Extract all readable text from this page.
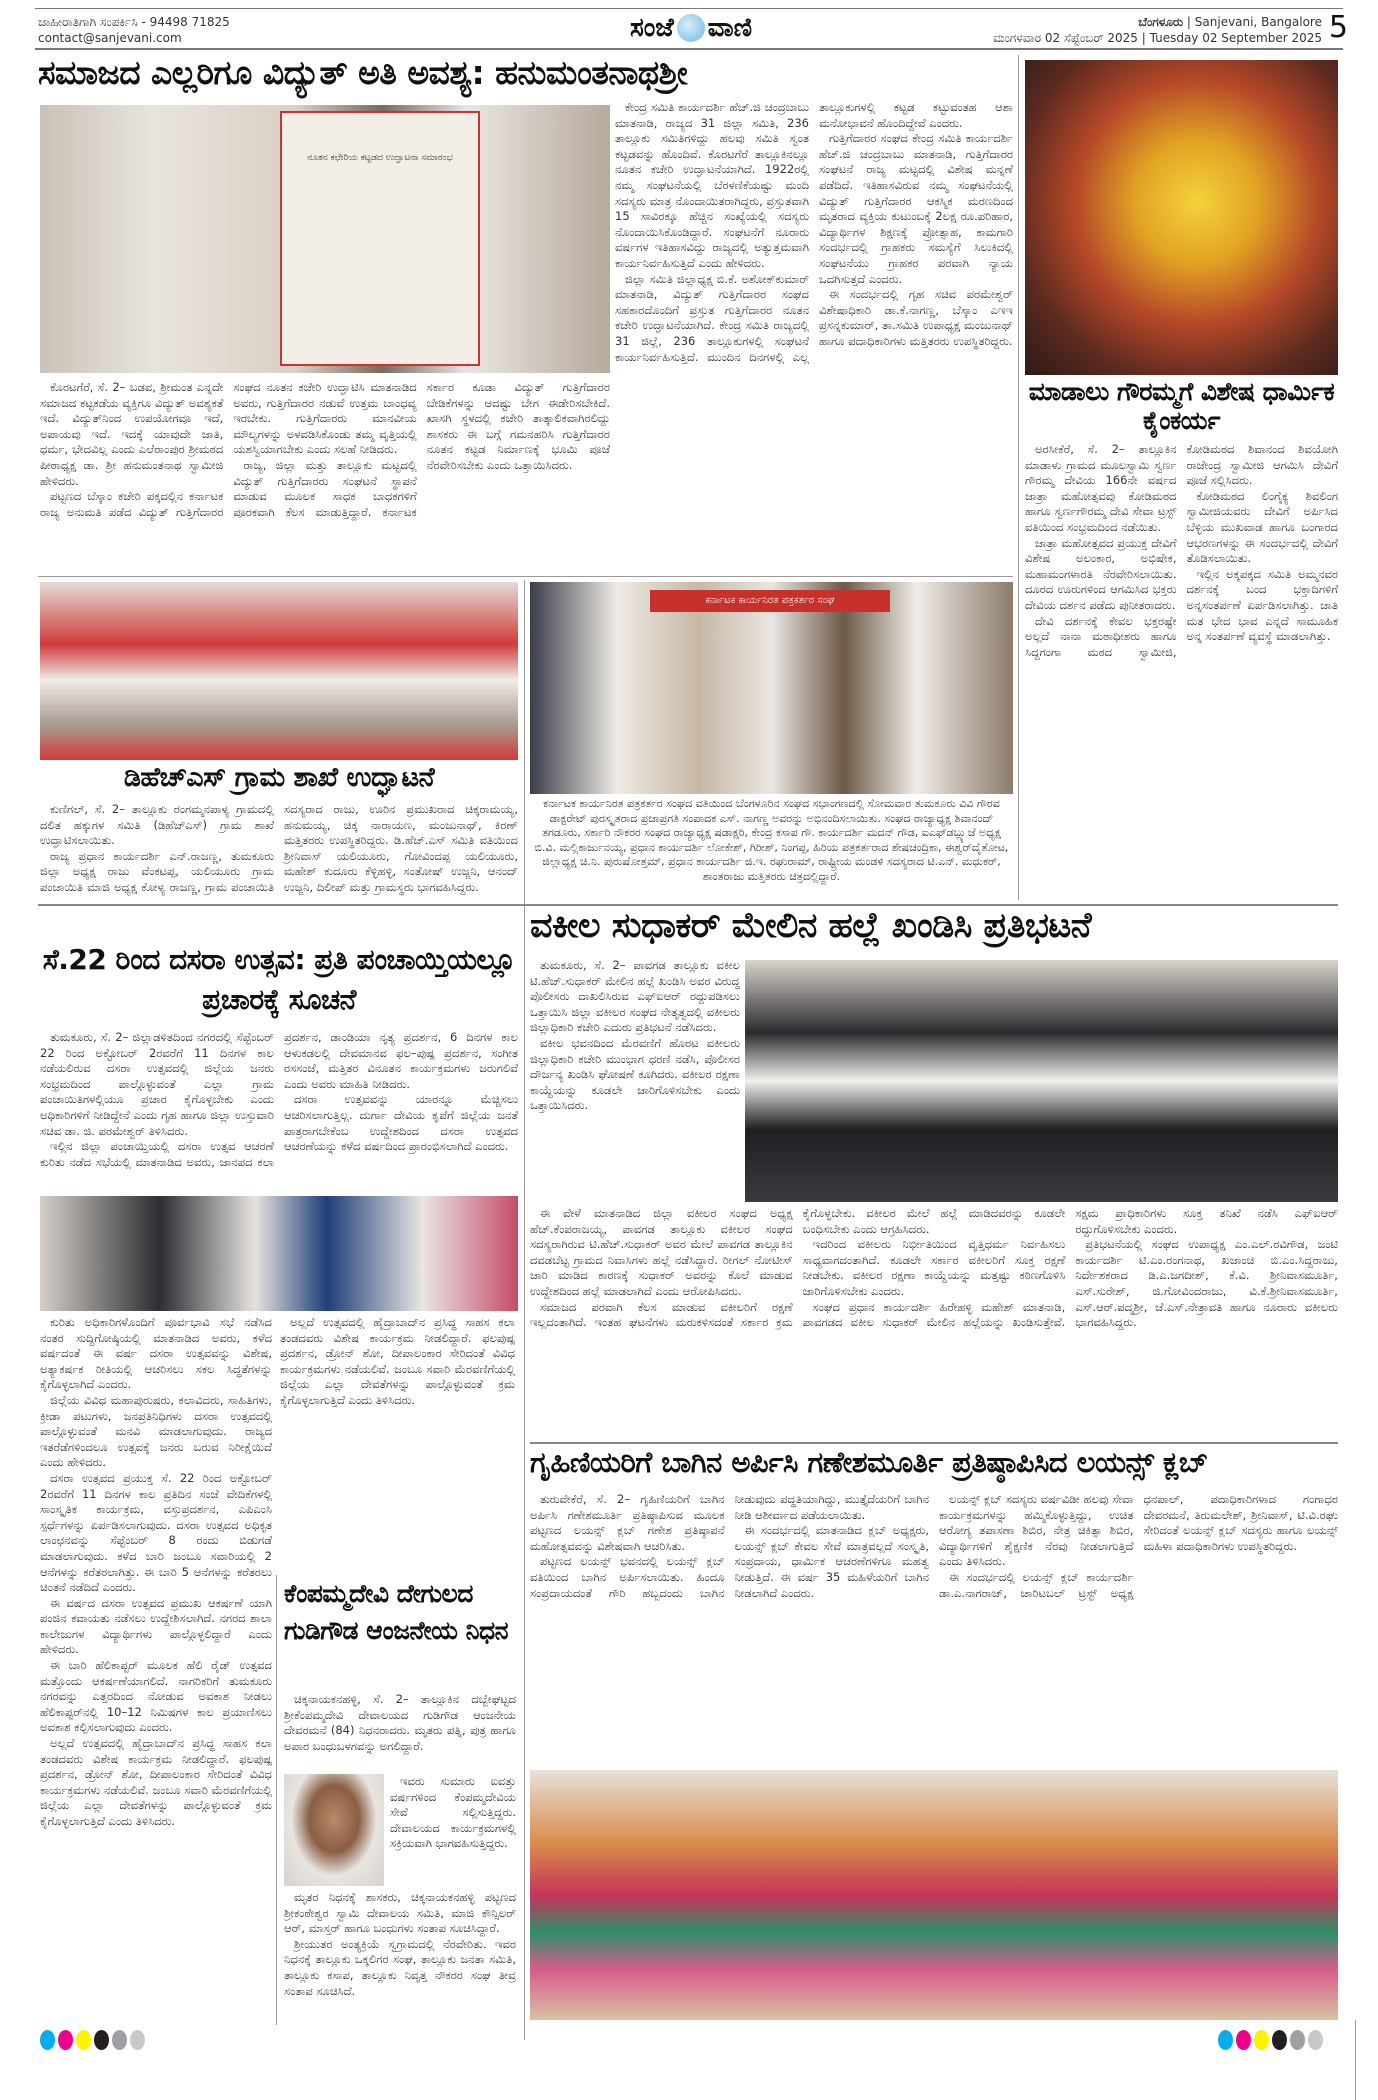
ಜಾಹೀರಾತಿಗಾಗಿ ಸಂಪರ್ಕಿಸಿ - 94498 71825
contact@sanjevani.com	ಸಂಜೆ ವಾಣಿ	ಬೆಂಗಳೂರು | Sanjevani, Bangalore
ಮಂಗಳವಾರ 02 ಸೆಪ್ಟೆಂಬರ್ 2025 | Tuesday 02 September 2025 5
ಸಮಾಜದ ಎಲ್ಲರಿಗೂ ವಿದ್ಯುತ್ ಅತಿ ಅವಶ್ಯ: ಹನುಮಂತನಾಥಶ್ರೀ
ನೂತನ ಕಛೇರಿಯ ಕಟ್ಟಡದ ಉದ್ಘಾಟನಾ ಸಮಾರಂಭ

ಕೊರಟಗೆರೆ, ಸೆ. 2– ಬಡವ, ಶ್ರೀಮಂತ ಎನ್ನದೇ ಸಮಾಜದ ಕಟ್ಟಕಡೆಯ ವ್ಯಕ್ತಿಗೂ ವಿದ್ಯುತ್ ಅವಶ್ಯಕತೆ ಇದೆ. ವಿದ್ಯುತ್‌ನಿಂದ ಉಪಯೋಗವೂ ಇದೆ, ಅಪಾಯವು ಇದೆ. ಇದಕ್ಕೆ ಯಾವುದೇ ಜಾತಿ, ಧರ್ಮ, ಭೇದವಿಲ್ಲ ಎಂದು ಎಲೆರಾಂಪುರ ಶ್ರೀಮಠದ ಪೀಠಾಧ್ಯಕ್ಷ ಡಾ. ಶ್ರೀ ಹನುಮಂತನಾಥ ಸ್ವಾಮೀಜಿ ಹೇಳಿದರು.

ಪಟ್ಟಣದ ಬೆಸ್ಕಾಂ ಕಚೇರಿ ಪಕ್ಕದಲ್ಲಿನ ಕರ್ನಾಟಕ ರಾಜ್ಯ ಅನುಮತಿ ಪಡೆದ ವಿದ್ಯುತ್ ಗುತ್ತಿಗೆದಾರರ ಸಂಘದ ನೂತನ ಕಚೇರಿ ಉದ್ಘಾಟಿಸಿ ಮಾತನಾಡಿದ ಅವರು, ಗುತ್ತಿಗೆದಾರರ ನಡುವೆ ಉತ್ತಮ ಬಾಂಧವ್ಯ ಇರಬೇಕು. ಗುತ್ತಿಗೆದಾರರು ಮಾನವೀಯ ಮೌಲ್ಯಗಳನ್ನು ಅಳವಡಿಸಿಕೊಂಡು ತಮ್ಮ ವೃತ್ತಿಯಲ್ಲಿ ಯಶಸ್ವಿಯಾಗಬೇಕು ಎಂದು ಸಲಹೆ ನೀಡಿದರು.

ರಾಜ್ಯ, ಜಿಲ್ಲಾ ಮತ್ತು ತಾಲ್ಲೂಕು ಮಟ್ಟದಲ್ಲಿ ವಿದ್ಯುತ್ ಗುತ್ತಿಗೆದಾರರು ಸಂಘಟನೆ ಸ್ಥಾಪನೆ ಮಾಡುವ ಮೂಲಕ ಸಾಧಕ ಬಾಧಕಗಳಿಗೆ ಪೂರಕವಾಗಿ ಕೆಲಸ ಮಾಡುತ್ತಿದ್ದಾರೆ. ಕರ್ನಾಟಕ ಸರ್ಕಾರ ಕೂಡಾ ವಿದ್ಯುತ್ ಗುತ್ತಿಗೆದಾರರ ಬೇಡಿಕೆಗಳನ್ನು ಆದಷ್ಟು ಬೇಗ ಈಡೇರಿಸಬೇಕಿದೆ. ಖಾಸಗಿ ಸ್ಥಳದಲ್ಲಿ ಕಚೇರಿ ತಾತ್ಕಾಲಿಕವಾಗಿರಲಿದ್ದು ಶಾಸಕರು ಈ ಬಗ್ಗೆ ಗಮನಹರಿಸಿ ಗುತ್ತಿಗೆದಾರರ ನೂತನ ಕಟ್ಟಡ ನಿರ್ಮಾಣಕ್ಕೆ ಭೂಮಿ ಪೂಜೆ ನೆರವೇರಿಸಬೇಕು ಎಂದು ಒತ್ತಾಯಿಸಿದರು.

ಕೇಂದ್ರ ಸಮಿತಿ ಕಾರ್ಯದರ್ಶಿ ಹೆಚ್.ಜಿ ಚಂದ್ರಬಾಬು ಮಾತನಾಡಿ, ರಾಜ್ಯದ 31 ಜಿಲ್ಲಾ ಸಮಿತಿ, 236 ತಾಲ್ಲೂಕು ಸಮಿತಿಗಳಿದ್ದು ಹಲವು ಸಮಿತಿ ಸ್ವಂತ ಕಟ್ಟಡವನ್ನು ಹೊಂದಿವೆ. ಕೊರಟಗೆರೆ ತಾಲ್ಲೂಕಿನಲ್ಲೂ ನೂತನ ಕಚೇರಿ ಉದ್ಘಾಟನೆಯಾಗಿದೆ. 1922ರಲ್ಲಿ ನಮ್ಮ ಸಂಘಟನೆಯಲ್ಲಿ ಬೆರಳಣಿಕೆಯಷ್ಟು ಮಂದಿ ಸದಸ್ಯರು ಮಾತ್ರ ನೊಂದಾಯಿತರಾಗಿದ್ದರು, ಪ್ರಸ್ತುತವಾಗಿ 15 ಸಾವಿರಕ್ಕೂ ಹೆಚ್ಚಿನ ಸಂಖ್ಯೆಯಲ್ಲಿ ಸದಸ್ಯರು ನೊಂದಾಯಿಸಿಕೊಂಡಿದ್ದಾರೆ. ಸಂಘಟನೆಗೆ ನೂರಾರು ವರ್ಷಗಳ ಇತಿಹಾಸವಿದ್ದು ರಾಜ್ಯದಲ್ಲಿ ಅತ್ಯುತ್ತಮವಾಗಿ ಕಾರ್ಯನಿರ್ವಹಿಸುತ್ತಿದೆ ಎಂದು ಹೇಳಿದರು.

ಜಿಲ್ಲಾ ಸಮಿತಿ ಜಿಲ್ಲಾಧ್ಯಕ್ಷ ಬಿ.ಕೆ. ಅಶೋಕ್‌ಕುಮಾರ್ ಮಾತನಾಡಿ, ವಿದ್ಯುತ್ ಗುತ್ತಿಗೆದಾರರ ಸಂಘದ ಸಹಕಾರದೊಂದಿಗೆ ಪ್ರಸ್ತುತ ಗುತ್ತಿಗೆದಾರರ ನೂತನ ಕಚೇರಿ ಉದ್ಘಾಟನೆಯಾಗಿದೆ. ಕೇಂದ್ರ ಸಮಿತಿ ರಾಜ್ಯದಲ್ಲಿ 31 ಜಿಲ್ಲೆ, 236 ತಾಲ್ಲೂಕುಗಳಲ್ಲಿ ಸಂಘಟನೆ ಕಾರ್ಯನಿರ್ವಹಿಸುತ್ತಿದೆ. ಮುಂದಿನ ದಿನಗಳಲ್ಲಿ ಎಲ್ಲ ತಾಲ್ಲೂಕುಗಳಲ್ಲಿ ಕಟ್ಟಡ ಕಟ್ಟುವಂತಹ ಆಶಾ ಮನೋಭಾವನೆ ಹೊಂದಿದ್ದೇವೆ ಎಂದರು.

ಗುತ್ತಿಗೆದಾರರ ಸಂಘದ ಕೇಂದ್ರ ಸಮಿತಿ ಕಾರ್ಯದರ್ಶಿ ಹೆಚ್.ಜಿ ಚಂದ್ರಬಾಬು ಮಾತನಾಡಿ, ಗುತ್ತಿಗೆದಾರರ ಸಂಘಟನೆ ರಾಜ್ಯ ಮಟ್ಟದಲ್ಲಿ ವಿಶೇಷ ಮನ್ನಣೆ ಪಡೆದಿದೆ. ಇತಿಹಾಸವಿರುವ ನಮ್ಮ ಸಂಘಟನೆಯಲ್ಲಿ ವಿದ್ಯುತ್ ಗುತ್ತಿಗೆದಾರರ ಆಕಸ್ಮಿಕ ಮರಣದಿಂದ ಮೃತರಾದ ವ್ಯಕ್ತಿಯ ಕುಟುಂಬಕ್ಕೆ 2ಲಕ್ಷ ರೂ.ಪರಿಹಾರ, ವಿದ್ಯಾರ್ಥಿಗಳ ಶಿಕ್ಷಣಕ್ಕೆ ಪ್ರೋತ್ಸಾಹ, ಕಾಮಗಾರಿ ಸಂದರ್ಭದಲ್ಲಿ ಗ್ರಾಹಕರು ಸಮಸ್ಯೆಗೆ ಸಿಲುಕಿದಲ್ಲಿ ಸಂಘಟನೆಯು ಗ್ರಾಹಕರ ಪರವಾಗಿ ನ್ಯಾಯ ಒದಗಿಸುತ್ತದೆ ಎಂದರು.

ಈ ಸಂದರ್ಭದಲ್ಲಿ ಗೃಹ ಸಚಿವ ಪರಮೇಶ್ವರ್ ವಿಶೇಷಾಧಿಕಾರಿ ಡಾ.ಕೆ.ನಾಗಣ್ಣ, ಬೆಸ್ಕಾಂ ಎಇಇ ಪ್ರಸನ್ನಕುಮಾರ್, ತಾ.ಸಮಿತಿ ಉಪಾಧ್ಯಕ್ಷ ಮಂಜುನಾಥ್ ಹಾಗೂ ಪದಾಧಿಕಾರಿಗಳು ಮತ್ತಿತರರು ಉಪಸ್ಥಿತರಿದ್ದರು.

ಮಾಡಾಲು ಗೌರಮ್ಮಗೆ ವಿಶೇಷ ಧಾರ್ಮಿಕ ಕೈಂಕರ್ಯ

ಅರಸೀಕೆರೆ, ಸೆ. 2– ತಾಲ್ಲೂಕಿನ ಮಾಡಾಳು ಗ್ರಾಮದ ಮೂಲಸ್ವಾಮಿ ಸ್ವರ್ಣ ಗೌರಮ್ಮ ದೇವಿಯ 166ನೇ ವರ್ಷದ ಜಾತ್ರಾ ಮಹೋತ್ಸವವು ಕೋಡಿಮಠದ ಹಾಗೂ ಸ್ವರ್ಣಗೌರಮ್ಮ ದೇವಿ ಸೇವಾ ಟ್ರಸ್ಟ್ ವತಿಯಿಂದ ಸಂಭ್ರಮದಿಂದ ನಡೆಯಿತು.

ಜಾತ್ರಾ ಮಹೋತ್ಸವದ ಪ್ರಯುಕ್ತ ದೇವಿಗೆ ವಿಶೇಷ ಅಲಂಕಾರ, ಅಭಿಷೇಕ, ಮಹಾಮಂಗಳಾರತಿ ನೆರವೇರಿಸಲಾಯಿತು. ದೂರದ ಊರುಗಳಿಂದ ಆಗಮಿಸಿದ ಭಕ್ತರು ದೇವಿಯ ದರ್ಶನ ಪಡೆದು ಪುನೀತರಾದರು.

ದೇವಿ ದರ್ಶನಕ್ಕೆ ಕೇವಲ ಭಕ್ತರಷ್ಟೇ ಅಲ್ಲದೆ ನಾನಾ ಮಠಾಧೀಶರು ಹಾಗೂ ಸಿದ್ದಗಂಗಾ ಮಠದ ಸ್ವಾಮೀಜಿ, ಕೋಡಿಮಠದ ಶಿವಾನಂದ ಶಿವಯೋಗಿ ರಾಜೇಂದ್ರ ಸ್ವಾಮೀಜಿ ಆಗಮಿಸಿ ದೇವಿಗೆ ಪೂಜೆ ಸಲ್ಲಿಸಿದರು.

ಕೋಡಿಮಠದ ಲಿಂಗೈಕ್ಯ ಶಿವಲಿಂಗ ಸ್ವಾಮೀಜಿಯವರು ದೇವಿಗೆ ಅರ್ಪಿಸಿದ ಬೆಳ್ಳಿಯ ಮುಖವಾಡ ಹಾಗೂ ಬಂಗಾರದ ಆಭರಣಗಳನ್ನು ಈ ಸಂದರ್ಭದಲ್ಲಿ ದೇವಿಗೆ ತೊಡಿಸಲಾಯಿತು.

ಇಲ್ಲಿನ ಅಕ್ಕಪಕ್ಕದ ಸಮಿತಿ ಅಮ್ಮನವರ ದರ್ಶನಕ್ಕೆ ಬಂದ ಭಕ್ತಾದಿಗಳಿಗೆ ಅನ್ನಸಂತರ್ಪಣೆ ಏರ್ಪಡಿಸಲಾಗಿತ್ತು. ಜಾತಿ ಮತ ಭೇದ ಭಾವ ಎನ್ನದೆ ಸಾಮೂಹಿಕ ಅನ್ನ ಸಂತರ್ಪಣೆ ವ್ಯವಸ್ಥೆ ಮಾಡಲಾಗಿತ್ತು.

ಡಿಹೆಚ್‌ಎಸ್ ಗ್ರಾಮ ಶಾಖೆ ಉದ್ಘಾಟನೆ

ಕುಣಿಗಲ್, ಸೆ. 2– ತಾಲ್ಲೂಕು ರಂಗಮ್ಮನಪಾಳ್ಯ ಗ್ರಾಮದಲ್ಲಿ ದಲಿತ ಹಕ್ಕುಗಳ ಸಮಿತಿ (ಡಿಹೆಚ್‌ಎಸ್) ಗ್ರಾಮ ಶಾಖೆ ಉದ್ಘಾಟಿಸಲಾಯಿತು.

ರಾಜ್ಯ ಪ್ರಧಾನ ಕಾರ್ಯದರ್ಶಿ ಎನ್.ರಾಜಣ್ಣ, ತುಮಕೂರು ಜಿಲ್ಲಾ ಅಧ್ಯಕ್ಷ ರಾಜು ವೆಂಕಟಪ್ಪ, ಯಲಿಯೂರು ಗ್ರಾಮ ಪಂಚಾಯಿತಿ ಮಾಜಿ ಅಧ್ಯಕ್ಷ ಕೋಳ್ಯ ರಾಜಣ್ಣ, ಗ್ರಾಮ ಪಂಚಾಯಿತಿ ಸದಸ್ಯರಾದ ರಾಜು, ಊರಿನ ಪ್ರಮುಖರಾದ ಚಿಕ್ಕರಾಮಯ್ಯ, ಹನುಮಯ್ಯ, ಚಿಕ್ಕ ನಾರಾಯಣ, ಮಂಜುನಾಥ್, ಕಿರಣ್ ಮತ್ತಿತರರು ಉಪಸ್ಥಿತರಿದ್ದರು. ಡಿ.ಹೆಚ್.ಎಸ್ ಸಮಿತಿ ವತಿಯಿಂದ ಶ್ರೀನಿವಾಸ್ ಯಲಿಯೂರು, ಗೋವಿಂದಪ್ಪ ಯಲಿಯೂರು, ಮಹೇಶ್ ಕುದೂರು ಕೆಳ್ಳಿಹಳ್ಳಿ, ಸಂತೋಷ್ ಉಜ್ಜನಿ, ಆನಂದ್ ಉಜ್ಜನಿ, ದಿಲೀಪ್ ಮತ್ತು ಗ್ರಾಮಸ್ಥರು ಭಾಗವಹಿಸಿದ್ದರು.

ಕರ್ನಾಟಕ ಕಾರ್ಯನಿರತ ಪತ್ರಕರ್ತರ ಸಂಘ
ಕರ್ನಾಟಕ ಕಾರ್ಯನಿರತ ಪತ್ರಕರ್ತರ ಸಂಘದ ವತಿಯಿಂದ ಬೆಂಗಳೂರಿನ ಸಂಘದ ಸಭಾಂಗಣದಲ್ಲಿ ಸೋಮವಾರ ತುಮಕೂರು ವಿವಿ ಗೌರವ ಡಾಕ್ಟರೇಟ್ ಪುರಸ್ಕೃತರಾದ ಪ್ರಜಾಪ್ರಗತಿ ಸಂಪಾದಕ ಎಸ್. ನಾಗಣ್ಣ ಅವರನ್ನು ಅಭಿನಂದಿಸಲಾಯಿತು. ಸಂಘದ ರಾಜ್ಯಾಧ್ಯಕ್ಷ ಶಿವಾನಂದ್ ತಗಡೂರು, ಸರ್ಕಾರಿ ನೌಕರರ ಸಂಘದ ರಾಜ್ಯಾಧ್ಯಕ್ಷ ಷಡಾಕ್ಷರಿ, ಕೇಂದ್ರ ಕಸಾಪ ಗೌ. ಕಾರ್ಯದರ್ಶಿ ಮದನ್ ಗೌಡ, ಐಎಫ್‌ಡಬ್ಲ್ಯುಜೆ ಅಧ್ಯಕ್ಷ ಬಿ.ವಿ. ಮಲ್ಲಿಕಾರ್ಜುನಯ್ಯ, ಪ್ರಧಾನ ಕಾರ್ಯದರ್ಶಿ ಲೋಕೇಶ್, ಗಿರೀಶ್, ನಿಂಗಪ್ಪ, ಹಿರಿಯ ಪತ್ರಕರ್ತರಾದ ಶೇಷಚಂದ್ರಿಕಾ, ಈಶ್ವರ್‌ದೈತೋಟ, ಜಿಲ್ಲಾಧ್ಯಕ್ಷ ಚಿ.ನಿ. ಪುರುಷೋತ್ತಮ್, ಪ್ರಧಾನ ಕಾರ್ಯದರ್ಶಿ ಜಿ.ಇ. ರಘುರಾಮ್, ರಾಷ್ಟ್ರೀಯ ಮಂಡಳಿ ಸದಸ್ಯರಾದ ಟಿ.ಎನ್. ಮಧುಕರ್, ಶಾಂತರಾಜು ಮತ್ತಿತರರು ಚಿತ್ರದಲ್ಲಿದ್ದಾರೆ.
ವಕೀಲ ಸುಧಾಕರ್ ಮೇಲಿನ ಹಲ್ಲೆ ಖಂಡಿಸಿ ಪ್ರತಿಭಟನೆ

ತುಮಕೂರು, ಸೆ. 2– ಪಾವಗಡ ತಾಲ್ಲೂಕು ವಕೀಲ ಟಿ.ಹೆಚ್.ಸುಧಾಕರ್ ಮೇಲಿನ ಹಲ್ಲೆ ಖಂಡಿಸಿ ಅವರ ವಿರುದ್ಧ ಪೊಲೀಸರು ದಾಖಲಿಸಿರುವ ಎಫ್‌ಐಆರ್ ರದ್ದುಪಡಿಸಲು ಒತ್ತಾಯಿಸಿ ಜಿಲ್ಲಾ ವಕೀಲರ ಸಂಘದ ನೇತೃತ್ವದಲ್ಲಿ ವಕೀಲರು ಜಿಲ್ಲಾಧಿಕಾರಿ ಕಚೇರಿ ಎದುರು ಪ್ರತಿಭಟನೆ ನಡೆಸಿದರು.

ವಕೀಲ ಭವನದಿಂದ ಮೆರವಣಿಗೆ ಹೊರಟ ವಕೀಲರು ಜಿಲ್ಲಾಧಿಕಾರಿ ಕಚೇರಿ ಮುಂಭಾಗ ಧರಣಿ ನಡೆಸಿ, ಪೊಲೀಸರ ದೌರ್ಜನ್ಯ ಖಂಡಿಸಿ ಘೋಷಣೆ ಕೂಗಿದರು. ವಕೀಲರ ರಕ್ಷಣಾ ಕಾಯ್ದೆಯನ್ನು ಕೂಡಲೇ ಜಾರಿಗೊಳಿಸಬೇಕು ಎಂದು ಒತ್ತಾಯಿಸಿದರು.

ಈ ವೇಳೆ ಮಾತನಾಡಿದ ಜಿಲ್ಲಾ ವಕೀಲರ ಸಂಘದ ಅಧ್ಯಕ್ಷ ಹೆಚ್.ಕೆಂಪರಾಜಯ್ಯ, ಪಾವಗಡ ತಾಲ್ಲೂಕು ವಕೀಲರ ಸಂಘದ ಸದಸ್ಯರಾಗಿರುವ ಟಿ.ಹೆಚ್.ಸುಧಾಕರ್ ಅವರ ಮೇಲೆ ಪಾವಗಡ ತಾಲ್ಲೂಕಿನ ದವಡಬೆಟ್ಟ ಗ್ರಾಮದ ನಿವಾಸಿಗಳು ಹಲ್ಲೆ ನಡೆಸಿದ್ದಾರೆ. ರೀಗಲ್ ನೋಟೀಸ್ ಜಾರಿ ಮಾಡಿದ ಕಾರಣಕ್ಕೆ ಸುಧಾಕರ್ ಅವರನ್ನು ಕೊಲೆ ಮಾಡುವ ಉದ್ದೇಶದಿಂದ ಹಲ್ಲೆ ಮಾಡಲಾಗಿದೆ ಎಂದು ಆರೋಪಿಸಿದರು.

ಸಮಾಜದ ಪರವಾಗಿ ಕೆಲಸ ಮಾಡುವ ವಕೀಲರಿಗೆ ರಕ್ಷಣೆ ಇಲ್ಲದಂತಾಗಿದೆ. ಇಂತಹ ಘಟನೆಗಳು ಮರುಕಳಿಸದಂತೆ ಸರ್ಕಾರ ಕ್ರಮ ಕೈಗೊಳ್ಳಬೇಕು. ವಕೀಲರ ಮೇಲೆ ಹಲ್ಲೆ ಮಾಡಿದವರನ್ನು ಕೂಡಲೇ ಬಂಧಿಸಬೇಕು ಎಂದು ಆಗ್ರಹಿಸಿದರು.

ಇದರಿಂದ ವಕೀಲರು ನಿರ್ಭೀತಿಯಿಂದ ವೃತ್ತಿಧರ್ಮ ನಿರ್ವಹಿಸಲು ಸಾಧ್ಯವಾಗದಂತಾಗಿದೆ. ಕೂಡಲೇ ಸರ್ಕಾರ ವಕೀಲರಿಗೆ ಸೂಕ್ತ ರಕ್ಷಣೆ ನೀಡಬೇಕು. ವಕೀಲರ ರಕ್ಷಣಾ ಕಾಯ್ದೆಯನ್ನು ಮತ್ತಷ್ಟು ಕಠಿಣಗೊಳಿಸಿ ಜಾರಿಗೊಳಿಸಬೇಕು ಎಂದರು.

ಸಂಘದ ಪ್ರಧಾನ ಕಾರ್ಯದರ್ಶಿ ಹಿರೇಹಳ್ಳಿ ಮಹೇಶ್ ಮಾತನಾಡಿ, ಪಾವಗಡದ ವಕೀಲ ಸುಧಾಕರ್ ಮೇಲಿನ ಹಲ್ಲೆಯನ್ನು ಖಂಡಿಸುತ್ತೇವೆ. ಸಕ್ಷಮ ಪ್ರಾಧಿಕಾರಿಗಳು ಸೂಕ್ತ ತನಿಖೆ ನಡೆಸಿ ಎಫ್‌ಐಆರ್ ರದ್ದುಗೊಳಿಸಬೇಕು ಎಂದರು.

ಪ್ರತಿಭಟನೆಯಲ್ಲಿ ಸಂಘದ ಉಪಾಧ್ಯಕ್ಷ ಎಂ.ಎಲ್.ರವಿಗೌಡ, ಜಂಟಿ ಕಾರ್ಯದರ್ಶಿ ಟಿ.ಎಂ.ರಂಗನಾಥ, ಖಜಾಂಚಿ ಬಿ.ಎಂ.ಸಿದ್ದರಾಜು, ನಿರ್ದೇಶಕರಾದ ಡಿ.ಎ.ಜಗದೀಶ್, ಕೆ.ವಿ. ಶ್ರೀನಿವಾಸಮೂರ್ತಿ, ಎಸ್.ಸುರೇಶ್, ಜಿ.ಗೋವಿಂದರಾಜು, ವಿ.ಕೆ.ಶ್ರೀನಿವಾಸಮೂರ್ತಿ, ಎಸ್.ಆರ್.ಪದ್ಮಶ್ರೀ, ಜೆ.ಎಸ್.ನೇತ್ರಾವತಿ ಹಾಗೂ ನೂರಾರು ವಕೀಲರು ಭಾಗವಹಿಸಿದ್ದರು.

ಸೆ.22 ರಿಂದ ದಸರಾ ಉತ್ಸವ: ಪ್ರತಿ ಪಂಚಾಯ್ತಿಯಲ್ಲೂ ಪ್ರಚಾರಕ್ಕೆ ಸೂಚನೆ

ತುಮಕೂರು, ಸೆ. 2– ಜಿಲ್ಲಾಡಳಿತದಿಂದ ನಗರದಲ್ಲಿ ಸೆಪ್ಟೆಂಬರ್ 22 ರಿಂದ ಅಕ್ಟೋಬರ್ 2ರವರೆಗೆ 11 ದಿನಗಳ ಕಾಲ ನಡೆಯಲಿರುವ ದಸರಾ ಉತ್ಸವದಲ್ಲಿ ಜಿಲ್ಲೆಯ ಜನರು ಸಂಭ್ರಮದಿಂದ ಪಾಲ್ಗೊಳ್ಳುವಂತೆ ಎಲ್ಲಾ ಗ್ರಾಮ ಪಂಚಾಯಿತಿಗಳಲ್ಲಿಯೂ ಪ್ರಚಾರ ಕೈಗೊಳ್ಳಬೇಕು ಎಂದು ಅಧಿಕಾರಿಗಳಿಗೆ ನೀಡಿದ್ದೇನೆ ಎಂದು ಗೃಹ ಹಾಗೂ ಜಿಲ್ಲಾ ಉಸ್ತುವಾರಿ ಸಚಿವ ಡಾ. ಜಿ. ಪರಮೇಶ್ವರ್ ತಿಳಿಸಿದರು.

ಇಲ್ಲಿನ ಜಿಲ್ಲಾ ಪಂಚಾಯ್ತಿಯಲ್ಲಿ ದಸರಾ ಉತ್ಸವ ಆಚರಣೆ ಕುರಿತು ನಡೆದ ಸಭೆಯಲ್ಲಿ ಮಾತನಾಡಿದ ಅವರು, ಜಾನಪದ ಕಲಾ ಪ್ರದರ್ಶನ, ಡಾಂಡಿಯಾ ನೃತ್ಯ ಪ್ರದರ್ಶನ, 6 ದಿನಗಳ ಕಾಲ ಆಳುಕಡಲಲ್ಲಿ ದೇವಮಾನವ ಫಲ–ಪುಷ್ಪ ಪ್ರದರ್ಶನ, ಸಂಗೀತ ರಸಸಂಜೆ, ಮತ್ತಿತರ ವಿನೂತನ ಕಾರ್ಯಕ್ರಮಗಳು ಜರುಗಲಿವೆ ಎಂದು ಅವರು ಮಾಹಿತಿ ನೀಡಿದರು.

ದಸರಾ ಉತ್ಸವವನ್ನು ಯಾರನ್ನೂ ಮೆಚ್ಚಿಸಲು ಆಚರಿಸಲಾಗುತ್ತಿಲ್ಲ. ದುರ್ಗಾ ದೇವಿಯ ಕೃಪೆಗೆ ಜಿಲ್ಲೆಯ ಜನತೆ ಪಾತ್ರರಾಗಬೇಕೆಂಬ ಉದ್ದೇಶದಿಂದ ದಸರಾ ಉತ್ಸವದ ಆಚರಣೆಯನ್ನು ಕಳೆದ ವರ್ಷದಿಂದ ಪ್ರಾರಂಭಿಸಲಾಗಿದೆ ಎಂದರು.

ಕುರಿತು ಅಧಿಕಾರಿಗಳೊಂದಿಗೆ ಪೂರ್ವಭಾವಿ ಸಭೆ ನಡೆಸಿದ ನಂತರ ಸುದ್ದಿಗೋಷ್ಠಿಯಲ್ಲಿ ಮಾತನಾಡಿದ ಅವರು, ಕಳೆದ ವರ್ಷದಂತೆ ಈ ವರ್ಷ ದಸರಾ ಉತ್ಸವವನ್ನು ವಿಶೇಷ, ಅತ್ಯಾಕರ್ಷಕ ರೀತಿಯಲ್ಲಿ ಆಚರಿಸಲು ಸಕಲ ಸಿದ್ಧತೆಗಳನ್ನು ಕೈಗೊಳ್ಳಲಾಗಿದೆ ಎಂದರು.

ಜಿಲ್ಲೆಯ ವಿವಿಧ ಮಹಾಪುರುಷರು, ಕಲಾವಿದರು, ಸಾಹಿತಿಗಳು, ಕ್ರೀಡಾ ಪಟುಗಳು, ಜನಪ್ರತಿನಿಧಿಗಳು ದಸರಾ ಉತ್ಸವದಲ್ಲಿ ಪಾಲ್ಗೊಳ್ಳುವಂತೆ ಮನವಿ ಮಾಡಲಾಗುವುದು. ರಾಜ್ಯದ ಇತರೆಡೆಗಳಿಂದಲೂ ಉತ್ಸವಕ್ಕೆ ಜನರು ಬರುವ ನಿರೀಕ್ಷೆಯಿದೆ ಎಂದು ಹೇಳಿದರು.

ದಸರಾ ಉತ್ಸವದ ಪ್ರಯುಕ್ತ ಸೆ. 22 ರಿಂದ ಅಕ್ಟೋಬರ್ 2ರವರೆಗೆ 11 ದಿನಗಳ ಕಾಲ ಪ್ರತಿದಿನ ಸಂಜೆ ವೇದಿಕೆಗಳಲ್ಲಿ ಸಾಂಸ್ಕೃತಿಕ ಕಾರ್ಯಕ್ರಮ, ವಸ್ತುಪ್ರದರ್ಶನ, ಎಪಿಎಂಸಿ ಸ್ಪರ್ಧೆಗಳನ್ನು ಏರ್ಪಡಿಸಲಾಗುವುದು. ದಸರಾ ಉತ್ಸವದ ಅಧಿಕೃತ ಲಾಂಛನವನ್ನು ಸೆಪ್ಟೆಂಬರ್ 8 ರಂದು ಬಿಡುಗಡೆ ಮಾಡಲಾಗುವುದು. ಕಳೆದ ಬಾರಿ ಜಂಬೂ ಸವಾರಿಯಲ್ಲಿ 2 ಆನೆಗಳನ್ನು ಕರೆತರಲಾಗಿತ್ತು. ಈ ಬಾರಿ 5 ಆನೆಗಳನ್ನು ಕರೆತರಲು ಚಿಂತನೆ ನಡೆದಿದೆ ಎಂದರು.

ಈ ವರ್ಷದ ದಸರಾ ಉತ್ಸವದ ಪ್ರಮುಖ ಆಕರ್ಷಣೆ ಯಾಗಿ ಪಂಜಿನ ಕವಾಯತು ನಡೆಸಲು ಉದ್ದೇಶಿಸಲಾಗಿದೆ. ನಗರದ ಶಾಲಾ ಕಾಲೇಜುಗಳ ವಿದ್ಯಾರ್ಥಿಗಳು ಪಾಲ್ಗೊಳ್ಳಲಿದ್ದಾರೆ ಎಂದು ಹೇಳಿದರು.

ಈ ಬಾರಿ ಹೆಲಿಕಾಪ್ಟರ್ ಮೂಲಕ ಹೆಲಿ ರೈಡ್ ಉತ್ಸವದ ಮತ್ತೊಂದು ಆಕರ್ಷಣೆಯಾಗಲಿದೆ. ನಾಗರಿಕರಿಗೆ ತುಮಕೂರು ನಗರವನ್ನು ಎತ್ತರದಿಂದ ನೋಡುವ ಅವಕಾಶ ನೀಡಲು ಹೆಲಿಕಾಪ್ಟರ್‌ನಲ್ಲಿ 10–12 ನಿಮಿಷಗಳ ಕಾಲ ಪ್ರಯಾಣಿಸಲು ಅವಕಾಶ ಕಲ್ಪಿಸಲಾಗುವುದು ಎಂದರು.

ಅಲ್ಲದೆ ಉತ್ಸವದಲ್ಲಿ ಹೈದ್ರಾಬಾದ್‌ನ ಪ್ರಸಿದ್ಧ ಸಾಹಸ ಕಲಾ ತಂಡದವರು ವಿಶೇಷ ಕಾರ್ಯಕ್ರಮ ನೀಡಲಿದ್ದಾರೆ. ಫಲಪುಷ್ಪ ಪ್ರದರ್ಶನ, ಡ್ರೋನ್ ಶೋ, ದೀಪಾಲಂಕಾರ ಸೇರಿದಂತೆ ವಿವಿಧ ಕಾರ್ಯಕ್ರಮಗಳು ನಡೆಯಲಿವೆ. ಜಂಬೂ ಸವಾರಿ ಮೆರವಣಿಗೆಯಲ್ಲಿ ಜಿಲ್ಲೆಯ ಎಲ್ಲಾ ದೇವತೆಗಳನ್ನು ಪಾಲ್ಗೊಳ್ಳುವಂತೆ ಕ್ರಮ ಕೈಗೊಳ್ಳಲಾಗುತ್ತಿದೆ ಎಂದು ತಿಳಿಸಿದರು.

ಅಲ್ಲದೆ ಉತ್ಸವದಲ್ಲಿ ಹೈದ್ರಾಬಾದ್‌ನ ಪ್ರಸಿದ್ಧ ಸಾಹಸ ಕಲಾ ತಂಡದವರು ವಿಶೇಷ ಕಾರ್ಯಕ್ರಮ ನೀಡಲಿದ್ದಾರೆ. ಫಲಪುಷ್ಪ ಪ್ರದರ್ಶನ, ಡ್ರೋನ್ ಶೋ, ದೀಪಾಲಂಕಾರ ಸೇರಿದಂತೆ ವಿವಿಧ ಕಾರ್ಯಕ್ರಮಗಳು ನಡೆಯಲಿವೆ. ಜಂಬೂ ಸವಾರಿ ಮೆರವಣಿಗೆಯಲ್ಲಿ ಜಿಲ್ಲೆಯ ಎಲ್ಲಾ ದೇವತೆಗಳನ್ನು ಪಾಲ್ಗೊಳ್ಳುವಂತೆ ಕ್ರಮ ಕೈಗೊಳ್ಳಲಾಗುತ್ತಿದೆ ಎಂದು ತಿಳಿಸಿದರು.

ಕೆಂಪಮ್ಮದೇವಿ ದೇಗುಲದ ಗುಡಿಗೌಡ ಆಂಜನೇಯ ನಿಧನ

ಚಿಕ್ಕನಾಯಕನಹಳ್ಳಿ, ಸೆ. 2– ತಾಲ್ಲೂಕಿನ ದಬ್ಬೇಘಟ್ಟದ ಶ್ರೀಕೆಂಪಮ್ಮದೇವಿ ದೇವಾಲಯದ ಗುಡಿಗೌಡ ಆಂಜನೇಯ ದೇವರಮನೆ (84) ನಿಧನರಾದರು. ಮೃತರು ಪತ್ನಿ, ಪುತ್ರ ಹಾಗೂ ಅಪಾರ ಬಂಧುಬಳಗವನ್ನು ಅಗಲಿದ್ದಾರೆ.

ಇವರು ಸುಮಾರು ಐವತ್ತು ವರ್ಷಗಳಿಂದ ಕೆಂಪಮ್ಮದೇವಿಯ ಸೇವೆ ಸಲ್ಲಿಸುತ್ತಿದ್ದರು. ದೇವಾಲಯದ ಕಾರ್ಯಕ್ರಮಗಳಲ್ಲಿ ಸಕ್ರಿಯವಾಗಿ ಭಾಗವಹಿಸುತ್ತಿದ್ದರು.

ಮೃತರ ನಿಧನಕ್ಕೆ ಶಾಸಕರು, ಚಿಕ್ಕನಾಯಕನಹಳ್ಳಿ ಪಟ್ಟಣದ ಶ್ರೀಕಂಠೇಶ್ವರ ಸ್ವಾಮಿ ದೇವಾಲಯ ಸಮಿತಿ, ಮಾಜಿ ಕೌನ್ಸಿಲರ್ ಆರ್, ಮಾಸ್ತರ್ ಹಾಗೂ ಬಂಧುಗಳು ಸಂತಾಪ ಸೂಚಿಸಿದ್ದಾರೆ.

ಶ್ರೀಯುತರ ಅಂತ್ಯಕ್ರಿಯೆ ಸ್ವಗ್ರಾಮದಲ್ಲಿ ನೆರವೇರಿತು. ಇವರ ನಿಧನಕ್ಕೆ ತಾಲ್ಲೂಕು ಒಕ್ಕಲಿಗರ ಸಂಘ, ತಾಲ್ಲೂಕು ಜನತಾ ಸಮಿತಿ, ತಾಲ್ಲೂಕು ಕಸಾಪ, ತಾಲ್ಲೂಕು ನಿವೃತ್ತ ನೌಕರರ ಸಂಘ ತೀವ್ರ ಸಂತಾಪ ಸೂಚಿಸಿದೆ.

ಗೃಹಿಣಿಯರಿಗೆ ಬಾಗಿನ ಅರ್ಪಿಸಿ ಗಣೇಶಮೂರ್ತಿ ಪ್ರತಿಷ್ಠಾಪಿಸಿದ ಲಯನ್ಸ್ ಕ್ಲಬ್

ತುರುವೇಕೆರೆ, ಸೆ. 2– ಗೃಹಿಣಿಯರಿಗೆ ಬಾಗಿನ ಅರ್ಪಿಸಿ ಗಣೇಶಮೂರ್ತಿ ಪ್ರತಿಷ್ಠಾಪಿಸುವ ಮೂಲಕ ಪಟ್ಟಣದ ಲಯನ್ಸ್ ಕ್ಲಬ್ ಗಣೇಶ ಪ್ರತಿಷ್ಠಾಪನೆ ಮಹೋತ್ಸವವನ್ನು ವಿಶೇಷವಾಗಿ ಆಚರಿಸಿತು.

ಪಟ್ಟಣದ ಲಯನ್ಸ್ ಭವನದಲ್ಲಿ ಲಯನ್ಸ್ ಕ್ಲಬ್ ವತಿಯಿಂದ ಬಾಗಿನ ಅರ್ಪಿಸಲಾಯಿತು. ಹಿಂದೂ ಸಂಪ್ರದಾಯದಂತೆ ಗೌರಿ ಹಬ್ಬದಂದು ಬಾಗಿನ ನೀಡುವುದು ಪದ್ಧತಿಯಾಗಿದ್ದು, ಮುತ್ತೈದೆಯರಿಗೆ ಬಾಗಿನ ನೀಡಿ ಆಶೀರ್ವಾದ ಪಡೆಯಲಾಯಿತು.

ಈ ಸಂದರ್ಭದಲ್ಲಿ ಮಾತನಾಡಿದ ಕ್ಲಬ್ ಅಧ್ಯಕ್ಷರು, ಲಯನ್ಸ್ ಕ್ಲಬ್ ಕೇವಲ ಸೇವೆ ಮಾತ್ರವಲ್ಲದೆ ಸಂಸ್ಕೃತಿ, ಸಂಪ್ರದಾಯ, ಧಾರ್ಮಿಕ ಆಚರಣೆಗಳಿಗೂ ಮಹತ್ವ ನೀಡುತ್ತಿದೆ. ಈ ವರ್ಷ 35 ಮಹಿಳೆಯರಿಗೆ ಬಾಗಿನ ನೀಡಲಾಗಿದೆ ಎಂದರು.

ಲಯನ್ಸ್ ಕ್ಲಬ್ ಸದಸ್ಯರು ವರ್ಷವಿಡೀ ಹಲವು ಸೇವಾ ಕಾರ್ಯಕ್ರಮಗಳನ್ನು ಹಮ್ಮಿಕೊಳ್ಳುತ್ತಿದ್ದು, ಉಚಿತ ಆರೋಗ್ಯ ತಪಾಸಣಾ ಶಿಬಿರ, ನೇತ್ರ ಚಿಕಿತ್ಸಾ ಶಿಬಿರ, ವಿದ್ಯಾರ್ಥಿಗಳಿಗೆ ಶೈಕ್ಷಣಿಕ ನೆರವು ನೀಡಲಾಗುತ್ತಿದೆ ಎಂದು ತಿಳಿಸಿದರು.

ಈ ಸಂದರ್ಭದಲ್ಲಿ ಲಯನ್ಸ್ ಕ್ಲಬ್ ಕಾರ್ಯದರ್ಶಿ ಡಾ.ಎ.ನಾಗರಾಜ್, ಚಾರಿಟಬಲ್ ಟ್ರಸ್ಟ್ ಅಧ್ಯಕ್ಷ ಧನಪಾಲ್, ಪದಾಧಿಕಾರಿಗಳಾದ ಗಂಗಾಧರ ದೇವರಮನೆ, ತಿರುಮಲೇಶ್, ಶ್ರೀನಿವಾಸ್, ಟಿ.ವಿ.ರಘು ಸೇರಿದಂತೆ ಲಯನ್ಸ್ ಕ್ಲಬ್ ಸದಸ್ಯರು ಹಾಗೂ ಲಯನ್ಸ್ ಮಹಿಳಾ ಪದಾಧಿಕಾರಿಗಳು ಉಪಸ್ಥಿತರಿದ್ದರು.
